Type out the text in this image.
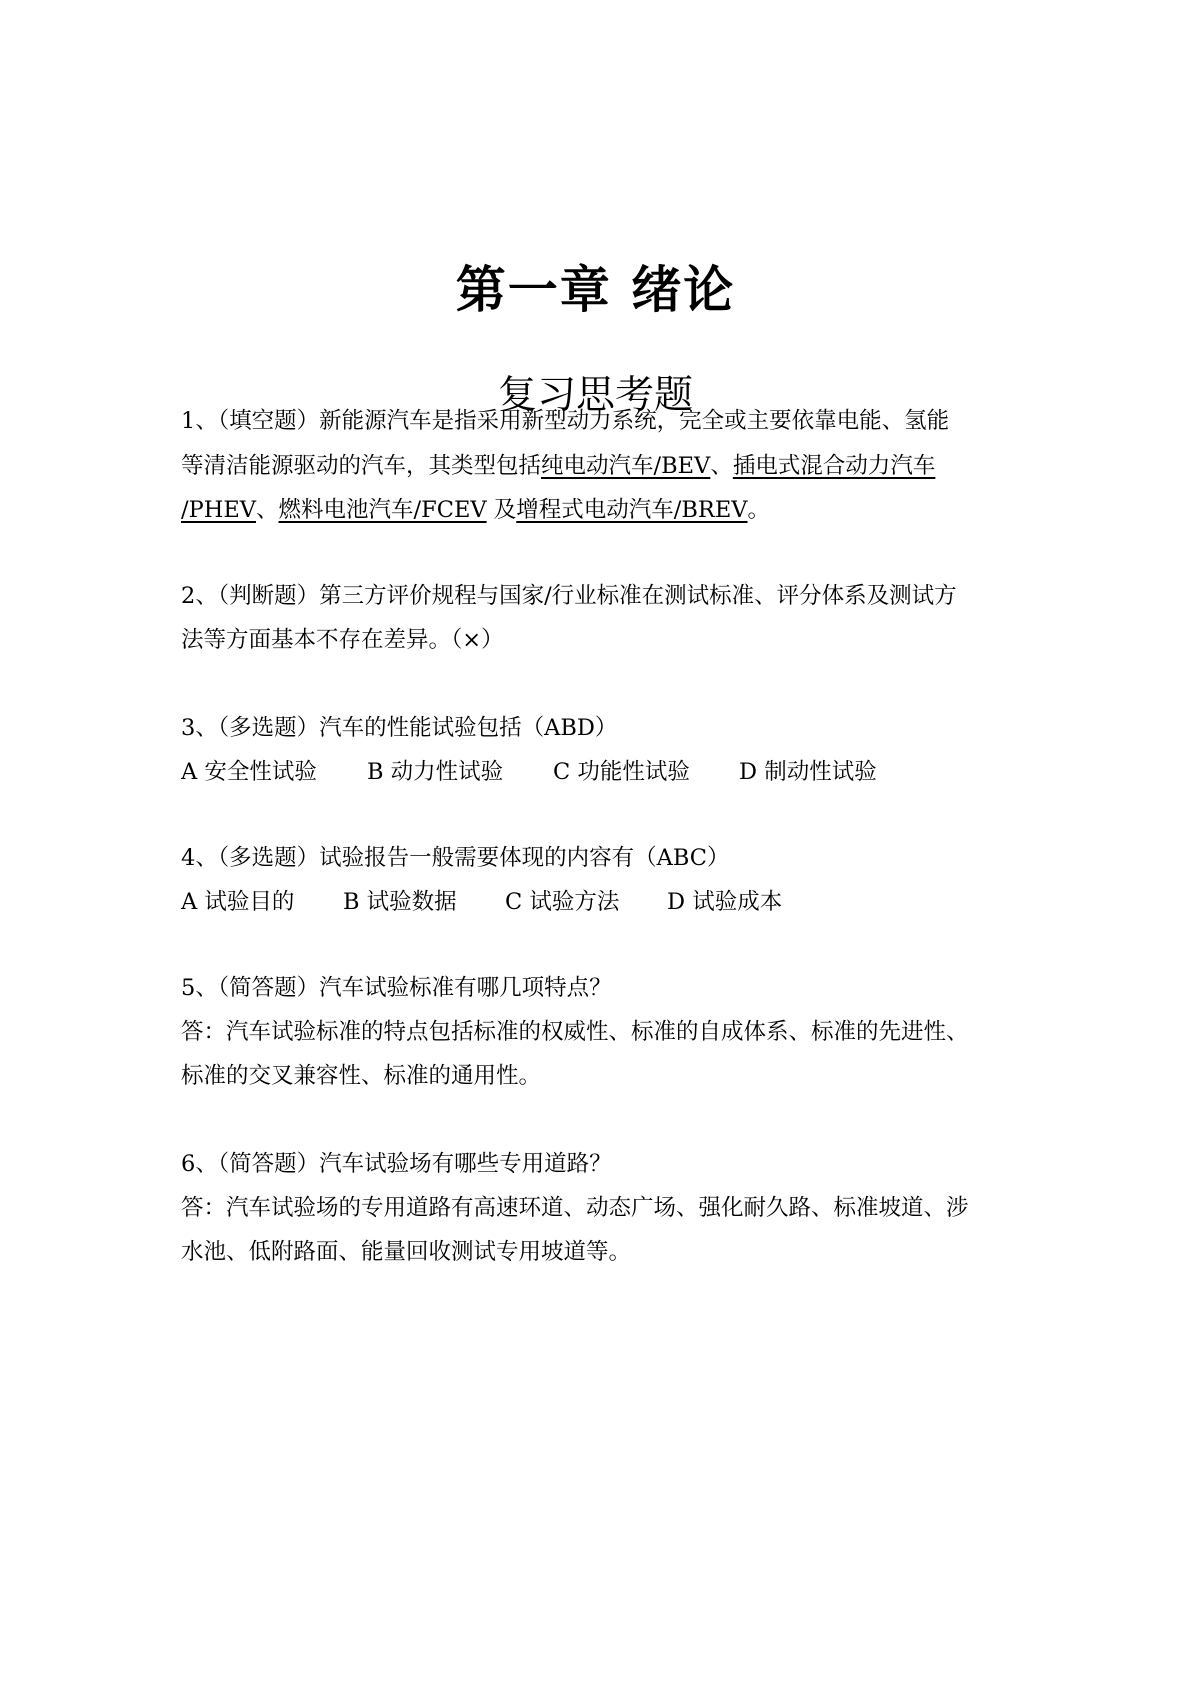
第一章 绪论
复习思考题
1、（填空题）新能源汽车是指采用新型动力系统，完全或主要依靠电能、氢能
等清洁能源驱动的汽车，其类型包括纯电动汽车/BEV、插电式混合动力汽车
/PHEV、燃料电池汽车/FCEV 及增程式电动汽车/BREV。
2、（判断题）第三方评价规程与国家/行业标准在测试标准、评分体系及测试方
法等方面基本不存在差异。（×）
3、（多选题）汽车的性能试验包括（ABD）
A 安全性试验 B 动力性试验 C 功能性试验 D 制动性试验
4、（多选题）试验报告一般需要体现的内容有（ABC）
A 试验目的 B 试验数据 C 试验方法 D 试验成本
5、（简答题）汽车试验标准有哪几项特点？
答：汽车试验标准的特点包括标准的权威性、标准的自成体系、标准的先进性、
标准的交叉兼容性、标准的通用性。
6、（简答题）汽车试验场有哪些专用道路？
答：汽车试验场的专用道路有高速环道、动态广场、强化耐久路、标准坡道、涉
水池、低附路面、能量回收测试专用坡道等。
